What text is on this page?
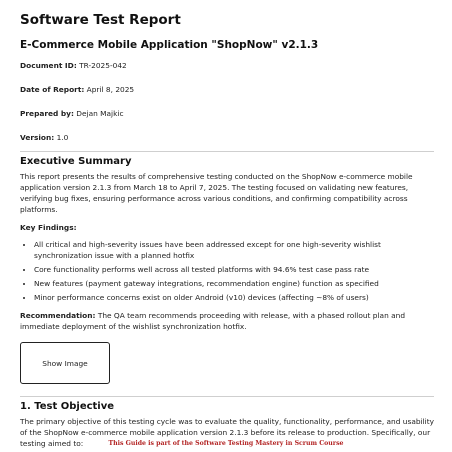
Software Test Report
E-Commerce Mobile Application "ShopNow" v2.1.3
Document ID: TR-2025-042
Date of Report: April 8, 2025
Prepared by: Dejan Majkic
Version: 1.0
Executive Summary

This report presents the results of comprehensive testing conducted on the ShopNow e-commerce mobile application version 2.1.3 from March 18 to April 7, 2025. The testing focused on validating new features, verifying bug fixes, ensuring performance across various conditions, and confirming compatibility across platforms.

Key Findings:
• All critical and high-severity issues have been addressed except for one high-severity wishlist synchronization issue with a planned hotfix
• Core functionality performs well across all tested platforms with 94.6% test case pass rate
• New features (payment gateway integrations, recommendation engine) function as specified
• Minor performance concerns exist on older Android (v10) devices (affecting ~8% of users)

Recommendation: The QA team recommends proceeding with release, with a phased rollout plan and immediate deployment of the wishlist synchronization hotfix.

Show Image
1. Test Objective

The primary objective of this testing cycle was to evaluate the quality, functionality, performance, and usability of the ShopNow e-commerce mobile application version 2.1.3 before its release to production. Specifically, our testing aimed to:	This Guide is part of the Software Testing Mastery in Scrum Course
